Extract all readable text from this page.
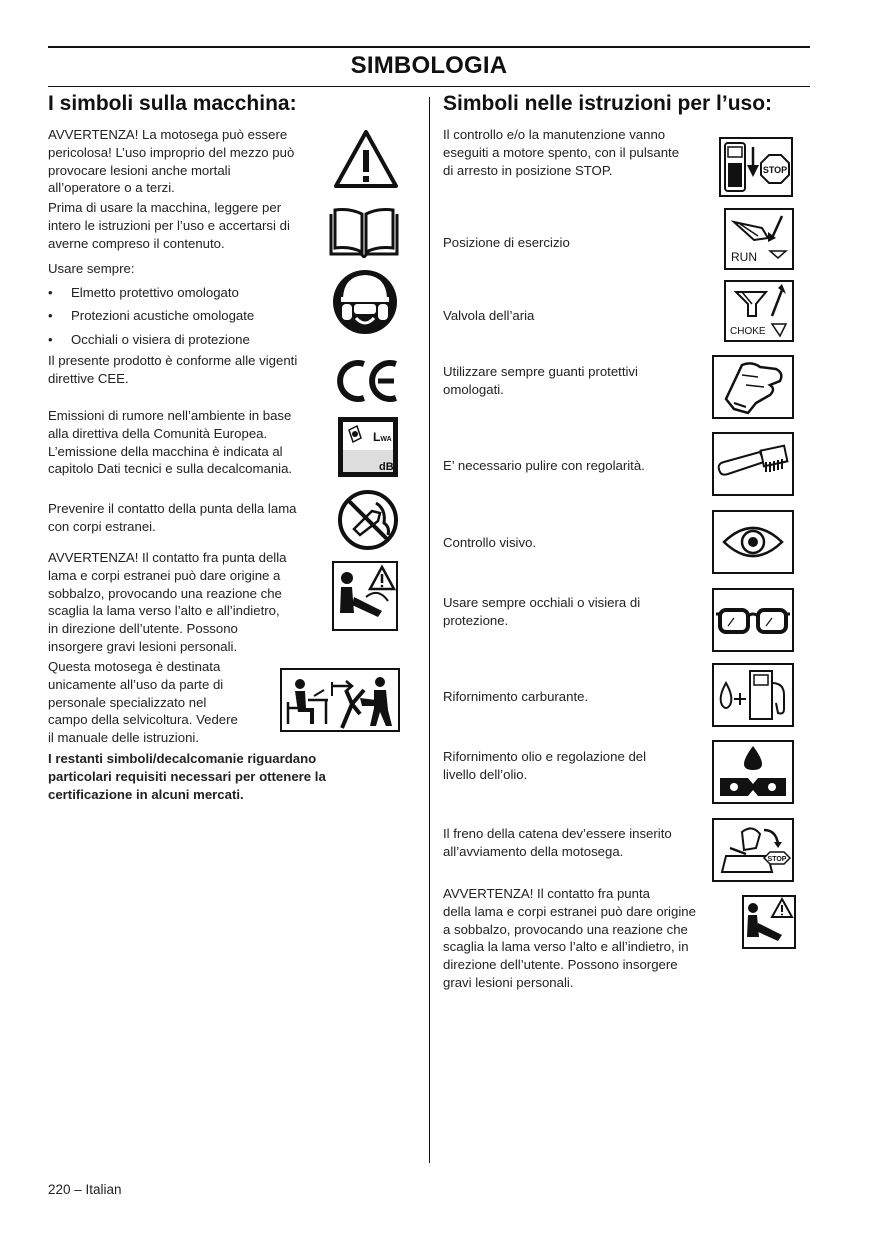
SIMBOLOGIA
I simboli sulla macchina:
AVVERTENZA! La motosega può essere
pericolosa! L’uso improprio del mezzo può
provocare lesioni anche mortali
all’operatore o a terzi.
Prima di usare la macchina, leggere per
intero le istruzioni per l’uso e accertarsi di
averne compreso il contenuto.
Usare sempre:
• Elmetto protettivo omologato
• Protezioni acustiche omologate
• Occhiali o visiera di protezione
Il presente prodotto è conforme alle vigenti
direttive CEE.
Emissioni di rumore nell’ambiente in base
alla direttiva della Comunità Europea.
L’emissione della macchina è indicata al
capitolo Dati tecnici e sulla decalcomania.
LWA
dB
Prevenire il contatto della punta della lama
con corpi estranei.
AVVERTENZA! Il contatto fra punta della
lama e corpi estranei può dare origine a
sobbalzo, provocando una reazione che
scaglia la lama verso l’alto e all’indietro,
in direzione dell’utente. Possono
insorgere gravi lesioni personali.
Questa motosega è destinata
unicamente all’uso da parte di
personale specializzato nel
campo della selvicoltura. Vedere
il manuale delle istruzioni.
I restanti simboli/decalcomanie riguardano
particolari requisiti necessari per ottenere la
certificazione in alcuni mercati.
Simboli nelle istruzioni per l’uso:
Il controllo e/o la manutenzione vanno
eseguiti a motore spento, con il pulsante
di arresto in posizione STOP.	STOP
Posizione di esercizio
RUN
Valvola dell’aria
CHOKE
Utilizzare sempre guanti protettivi
omologati.
E’ necessario pulire con regolarità.
Controllo visivo.
Usare sempre occhiali o visiera di
protezione.
Rifornimento carburante.
Rifornimento olio e regolazione del
livello dell’olio.
Il freno della catena dev’essere inserito
all’avviamento della motosega.
STOP
AVVERTENZA! Il contatto fra punta
della lama e corpi estranei può dare origine
a sobbalzo, provocando una reazione che
scaglia la lama verso l’alto e all’indietro, in
direzione dell’utente. Possono insorgere
gravi lesioni personali.
220 – Italian
